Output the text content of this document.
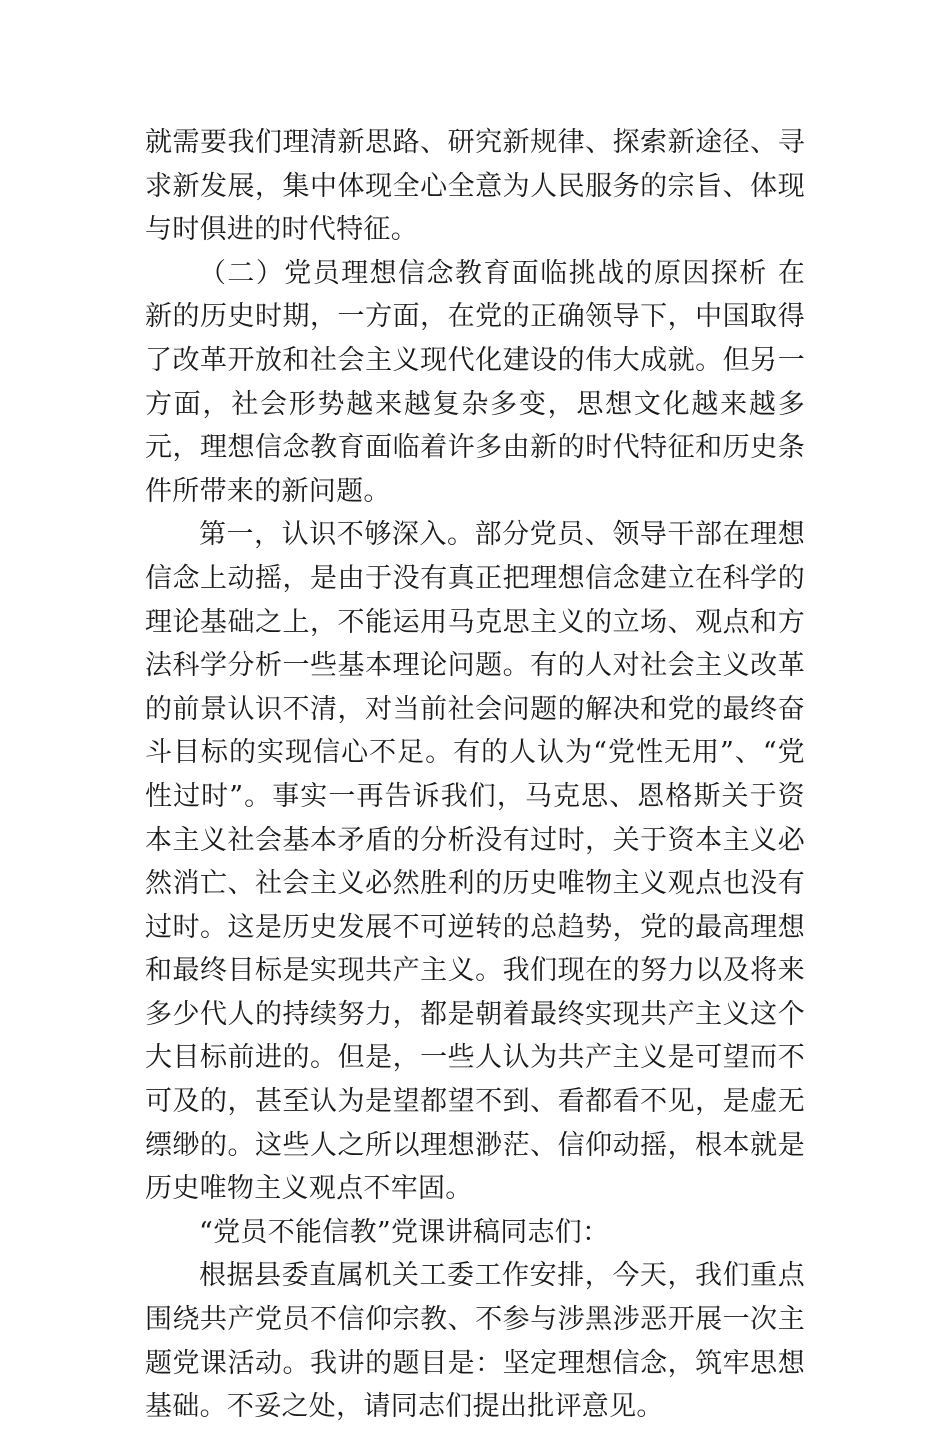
就需要我们理清新思路、研究新规律、探索新途径、寻求新发展，集中体现全心全意为人民服务的宗旨、体现与时俱进的时代特征。

（二）党员理想信念教育面临挑战的原因探析 在新的历史时期，一方面，在党的正确领导下，中国取得了改革开放和社会主义现代化建设的伟大成就。但另一方面，社会形势越来越复杂多变，思想文化越来越多元，理想信念教育面临着许多由新的时代特征和历史条件所带来的新问题。

第一，认识不够深入。部分党员、领导干部在理想信念上动摇，是由于没有真正把理想信念建立在科学的理论基础之上，不能运用马克思主义的立场、观点和方法科学分析一些基本理论问题。有的人对社会主义改革的前景认识不清，对当前社会问题的解决和党的最终奋斗目标的实现信心不足。有的人认为“党性无用”、“党性过时”。事实一再告诉我们，马克思、恩格斯关于资本主义社会基本矛盾的分析没有过时，关于资本主义必然消亡、社会主义必然胜利的历史唯物主义观点也没有过时。这是历史发展不可逆转的总趋势，党的最高理想和最终目标是实现共产主义。我们现在的努力以及将来多少代人的持续努力，都是朝着最终实现共产主义这个大目标前进的。但是，一些人认为共产主义是可望而不可及的，甚至认为是望都望不到、看都看不见，是虚无缥缈的。这些人之所以理想渺茫、信仰动摇，根本就是历史唯物主义观点不牢固。

“党员不能信教”党课讲稿同志们：

根据县委直属机关工委工作安排，今天，我们重点围绕共产党员不信仰宗教、不参与涉黑涉恶开展一次主题党课活动。我讲的题目是：坚定理想信念，筑牢思想基础。不妥之处，请同志们提出批评意见。
